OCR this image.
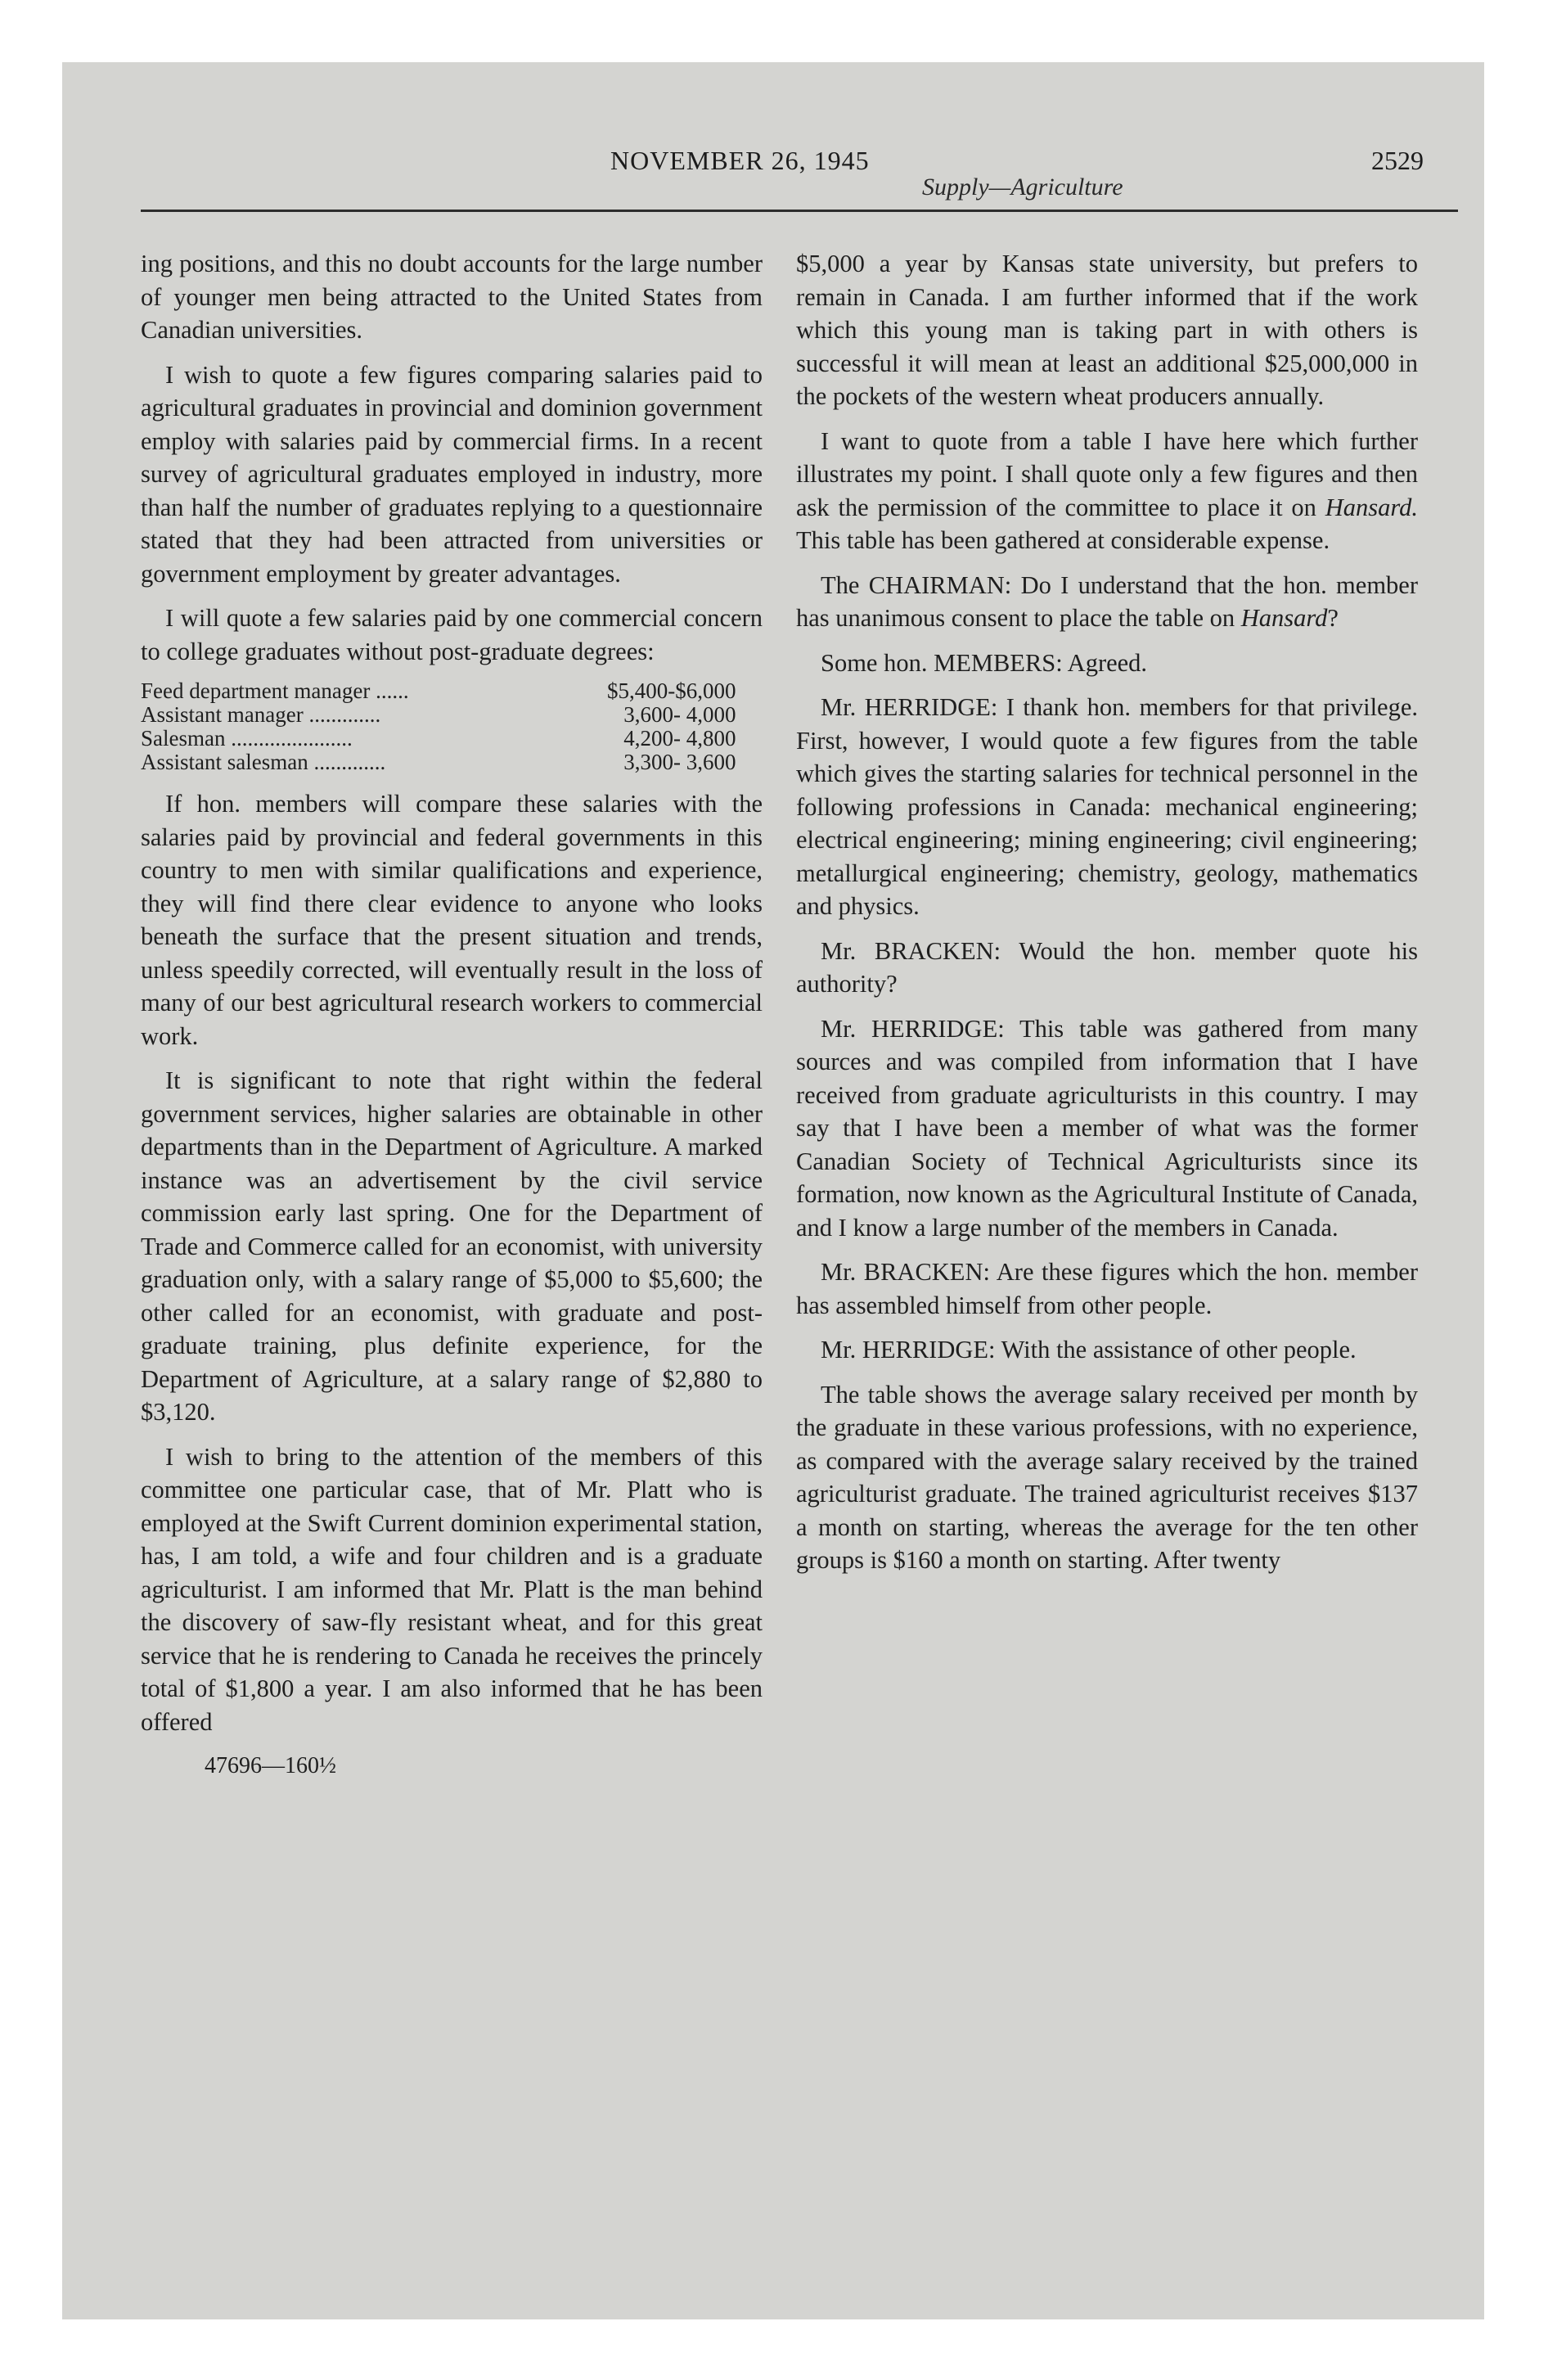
NOVEMBER 26, 1945	2529
Supply—Agriculture

ing positions, and this no doubt accounts for the large number of younger men being attracted to the United States from Canadian universities.

I wish to quote a few figures comparing salaries paid to agricultural graduates in provincial and dominion government employ with salaries paid by commercial firms. In a recent survey of agricultural graduates employed in industry, more than half the number of graduates replying to a questionnaire stated that they had been attracted from universities or government employment by greater advantages.

I will quote a few salaries paid by one commercial concern to college graduates without post-graduate degrees:

Feed department manager ......	$5,400-$6,000
Assistant manager .............	3,600- 4,000
Salesman ......................	4,200- 4,800
Assistant salesman .............	3,300- 3,600

If hon. members will compare these salaries with the salaries paid by provincial and federal governments in this country to men with similar qualifications and experience, they will find there clear evidence to anyone who looks beneath the surface that the present situation and trends, unless speedily corrected, will eventually result in the loss of many of our best agricultural research workers to commercial work.

It is significant to note that right within the federal government services, higher salaries are obtainable in other departments than in the Department of Agriculture. A marked instance was an advertisement by the civil service commission early last spring. One for the Department of Trade and Commerce called for an economist, with university graduation only, with a salary range of $5,000 to $5,600; the other called for an economist, with graduate and post-graduate training, plus definite experience, for the Department of Agriculture, at a salary range of $2,880 to $3,120.

I wish to bring to the attention of the members of this committee one particular case, that of Mr. Platt who is employed at the Swift Current dominion experimental station, has, I am told, a wife and four children and is a graduate agriculturist. I am informed that Mr. Platt is the man behind the discovery of saw-fly resistant wheat, and for this great service that he is rendering to Canada he receives the princely total of $1,800 a year. I am also informed that he has been offered

47696—160½

$5,000 a year by Kansas state university, but prefers to remain in Canada. I am further informed that if the work which this young man is taking part in with others is successful it will mean at least an additional $25,000,000 in the pockets of the western wheat producers annually.

I want to quote from a table I have here which further illustrates my point. I shall quote only a few figures and then ask the permission of the committee to place it on Hansard. This table has been gathered at considerable expense.

The CHAIRMAN: Do I understand that the hon. member has unanimous consent to place the table on Hansard?

Some hon. MEMBERS: Agreed.

Mr. HERRIDGE: I thank hon. members for that privilege. First, however, I would quote a few figures from the table which gives the starting salaries for technical personnel in the following professions in Canada: mechanical engineering; electrical engineering; mining engineering; civil engineering; metallurgical engineering; chemistry, geology, mathematics and physics.

Mr. BRACKEN: Would the hon. member quote his authority?

Mr. HERRIDGE: This table was gathered from many sources and was compiled from information that I have received from graduate agriculturists in this country. I may say that I have been a member of what was the former Canadian Society of Technical Agriculturists since its formation, now known as the Agricultural Institute of Canada, and I know a large number of the members in Canada.

Mr. BRACKEN: Are these figures which the hon. member has assembled himself from other people.

Mr. HERRIDGE: With the assistance of other people.

The table shows the average salary received per month by the graduate in these various professions, with no experience, as compared with the average salary received by the trained agriculturist graduate. The trained agriculturist receives $137 a month on starting, whereas the average for the ten other groups is $160 a month on starting. After twenty
